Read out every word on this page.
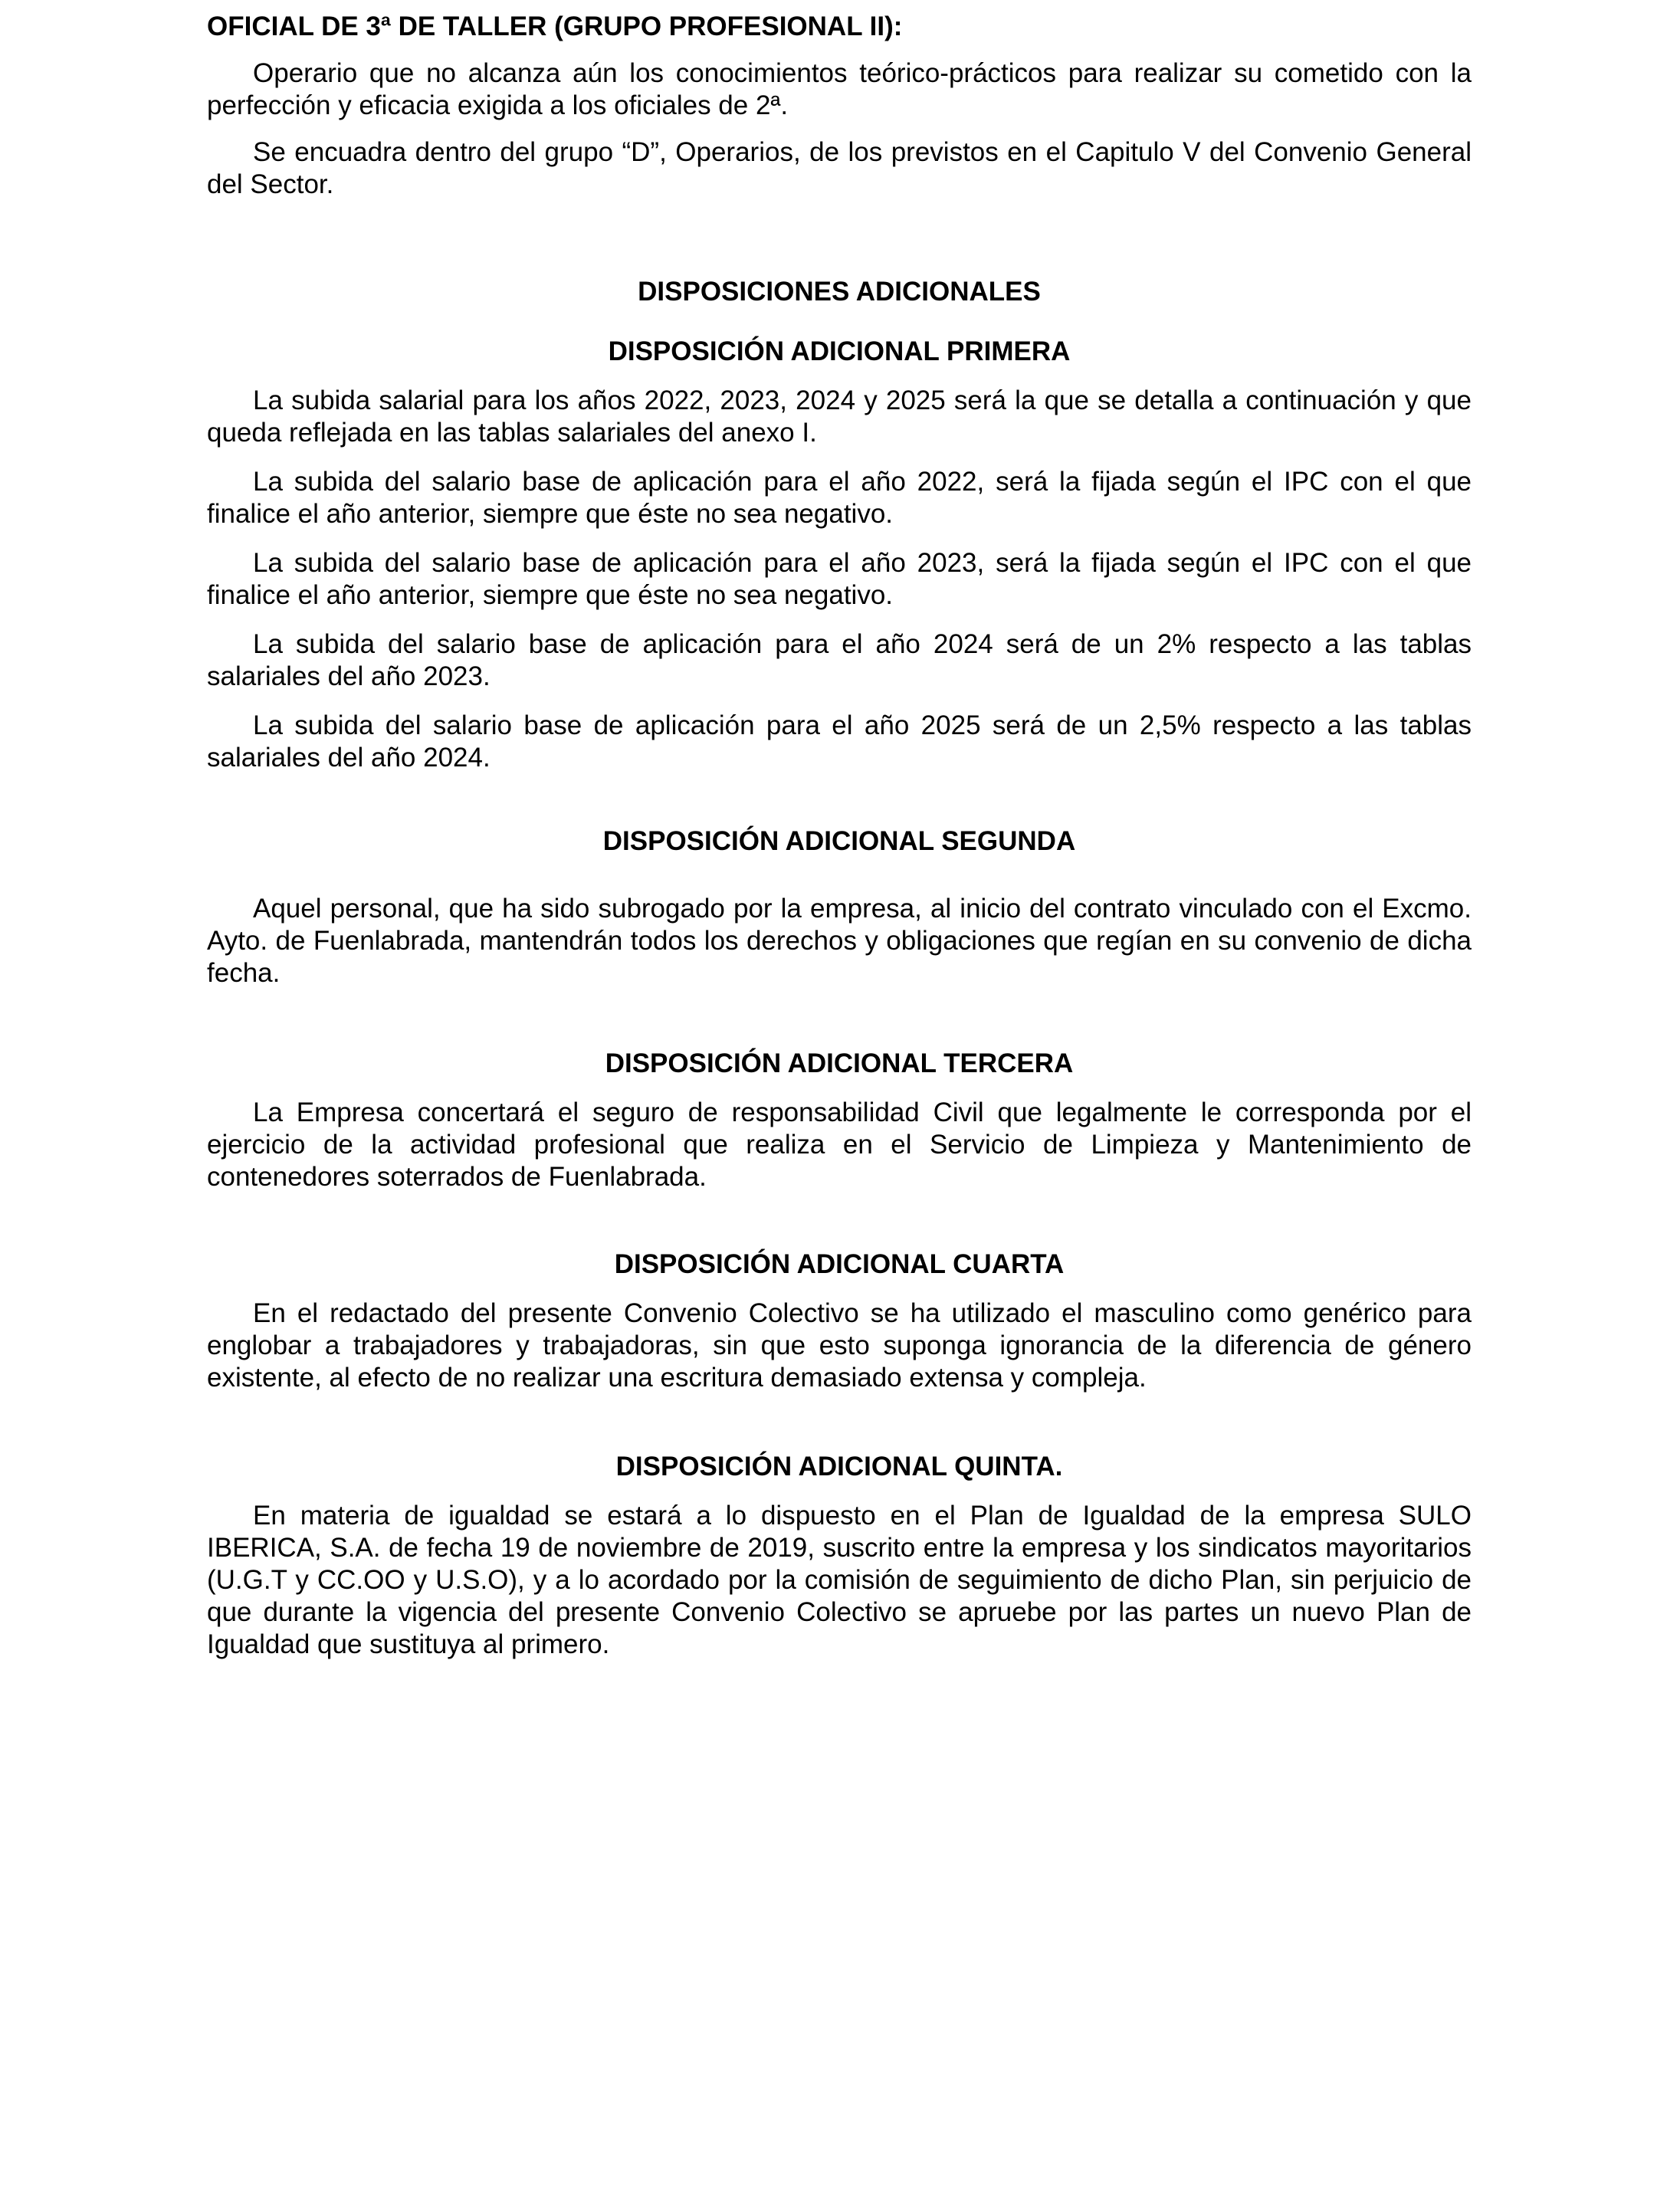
OFICIAL DE 3ª DE TALLER (GRUPO PROFESIONAL II):

Operario que no alcanza aún los conocimientos teórico-prácticos para realizar su cometido con la perfección y eficacia exigida a los oficiales de 2ª.

Se encuadra dentro del grupo “D”, Operarios, de los previstos en el Capitulo V del Convenio General del Sector.

DISPOSICIONES ADICIONALES
DISPOSICIÓN ADICIONAL PRIMERA

La subida salarial para los años 2022, 2023, 2024 y 2025 será la que se detalla a continuación y que queda reflejada en las tablas salariales del anexo I.

La subida del salario base de aplicación para el año 2022, será la fijada según el IPC con el que finalice el año anterior, siempre que éste no sea negativo.

La subida del salario base de aplicación para el año 2023, será la fijada según el IPC con el que finalice el año anterior, siempre que éste no sea negativo.

La subida del salario base de aplicación para el año 2024 será de un 2% respecto a las tablas salariales del año 2023.

La subida del salario base de aplicación para el año 2025 será de un 2,5% respecto a las tablas salariales del año 2024.

DISPOSICIÓN ADICIONAL SEGUNDA

Aquel personal, que ha sido subrogado por la empresa, al inicio del contrato vinculado con el Excmo. Ayto. de Fuenlabrada, mantendrán todos los derechos y obligaciones que regían en su convenio de dicha fecha.

DISPOSICIÓN ADICIONAL TERCERA

La Empresa concertará el seguro de responsabilidad Civil que legalmente le corresponda por el ejercicio de la actividad profesional que realiza en el Servicio de Limpieza y Mantenimiento de contenedores soterrados de Fuenlabrada.

DISPOSICIÓN ADICIONAL CUARTA

En el redactado del presente Convenio Colectivo se ha utilizado el masculino como genérico para englobar a trabajadores y trabajadoras, sin que esto suponga ignorancia de la diferencia de género existente, al efecto de no realizar una escritura demasiado extensa y compleja.

DISPOSICIÓN ADICIONAL QUINTA.

En materia de igualdad se estará a lo dispuesto en el Plan de Igualdad de la empresa SULO IBERICA, S.A. de fecha 19 de noviembre de 2019, suscrito entre la empresa y los sindicatos mayoritarios (U.G.T y CC.OO y U.S.O), y a lo acordado por la comisión de seguimiento de dicho Plan, sin perjuicio de que durante la vigencia del presente Convenio Colectivo se apruebe por las partes un nuevo Plan de Igualdad que sustituya al primero.
